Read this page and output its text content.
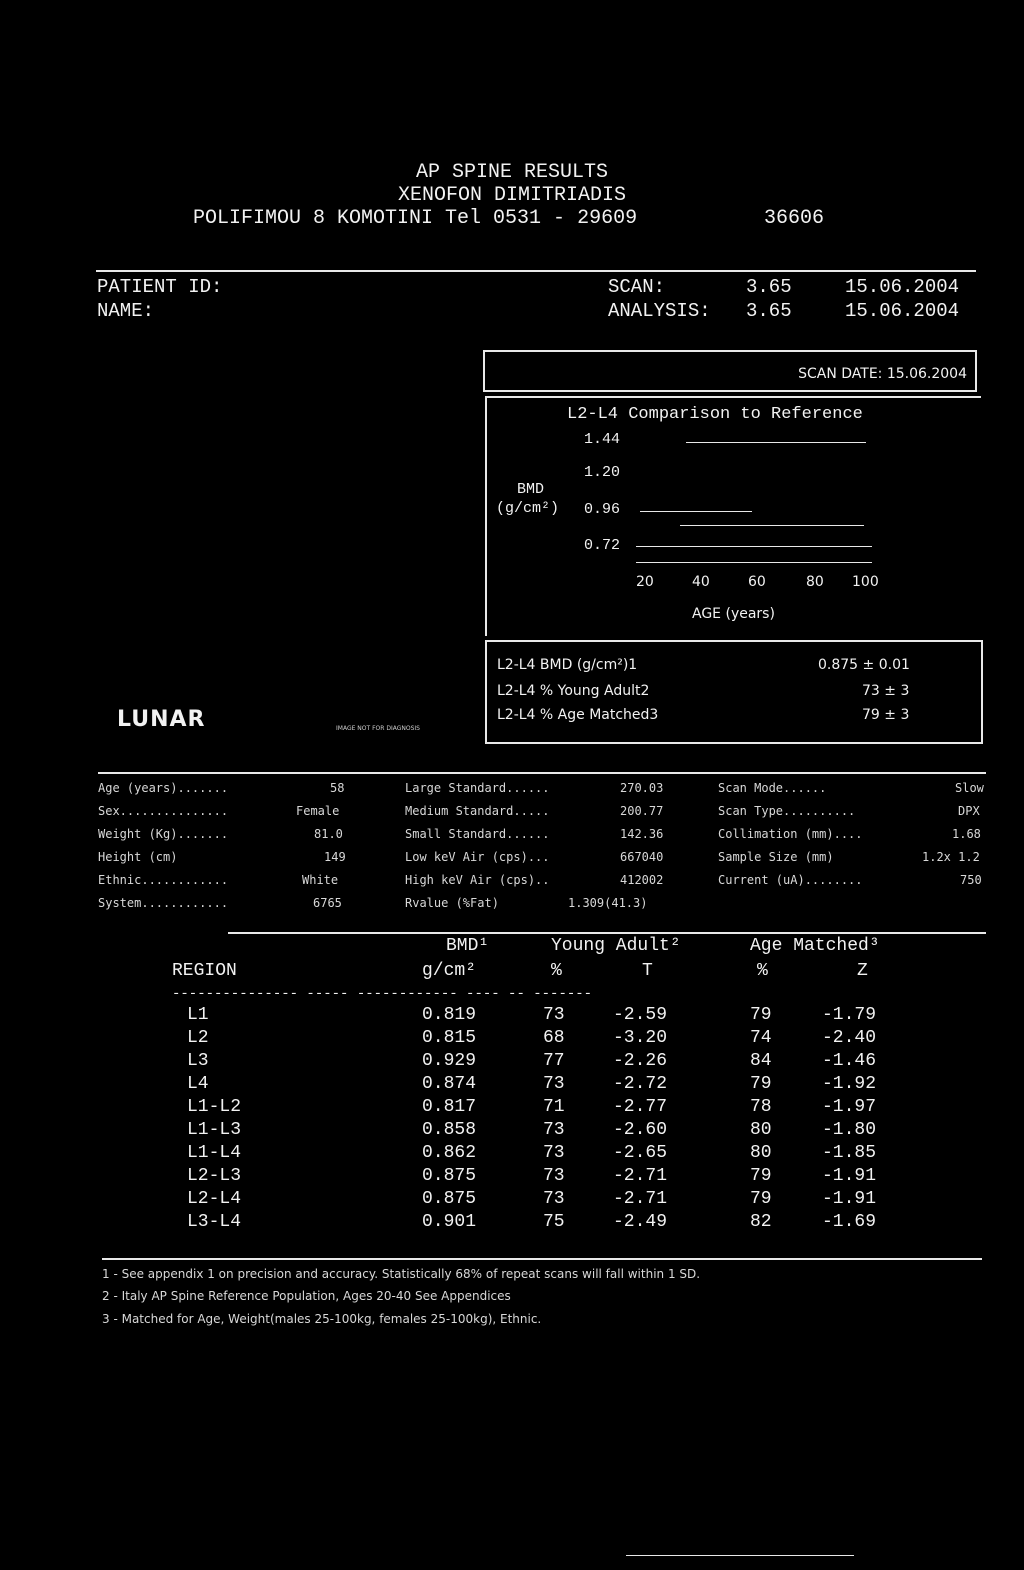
AP SPINE RESULTS
XENOFON DIMITRIADIS
POLIFIMOU 8 KOMOTINI Tel 0531 - 29609	36606
PATIENT ID:
NAME:
SCAN:	3.65	15.06.2004
ANALYSIS: 3.65	15.06.2004
SCAN DATE: 15.06.2004
L2-L4 Comparison to Reference
BMD
(g/cm²)
1.44
1.20
0.96
0.72
20	40	60	80 100
AGE (years)
L2-L4 BMD (g/cm²)1	0.875 ± 0.01
L2-L4 % Young Adult2	73 ± 3
L2-L4 % Age Matched3	79 ± 3
LUNAR	IMAGE NOT FOR DIAGNOSIS
Age (years).......	58
Sex...............	Female
Weight (Kg).......	81.0
Height (cm)	149
Ethnic............	White
System............	6765
Large Standard......	270.03
Medium Standard.....	200.77
Small Standard......	142.36
Low keV Air (cps)...	667040
High keV Air (cps)..	412002
Rvalue (%Fat)	1.309(41.3)
Scan Mode......	Slow
Scan Type..........	DPX
Collimation (mm)....	1.68
Sample Size (mm)	1.2x 1.2
Current (uA)........	750
BMD¹	Young Adult²	Age Matched³
REGION	g/cm²	%	T	%	Z
--------------- ----- ------------ ---- -- -------
L1	0.819	73	-2.59	79	-1.79
L2	0.815	68	-3.20	74	-2.40
L3	0.929	77	-2.26	84	-1.46
L4	0.874	73	-2.72	79	-1.92
L1-L2	0.817	71	-2.77	78	-1.97
L1-L3	0.858	73	-2.60	80	-1.80
L1-L4	0.862	73	-2.65	80	-1.85
L2-L3	0.875	73	-2.71	79	-1.91
L2-L4	0.875	73	-2.71	79	-1.91
L3-L4	0.901	75	-2.49	82	-1.69
1 - See appendix 1 on precision and accuracy. Statistically 68% of repeat scans will fall within 1 SD.
2 - Italy AP Spine Reference Population, Ages 20-40 See Appendices
3 - Matched for Age, Weight(males 25-100kg, females 25-100kg), Ethnic.
